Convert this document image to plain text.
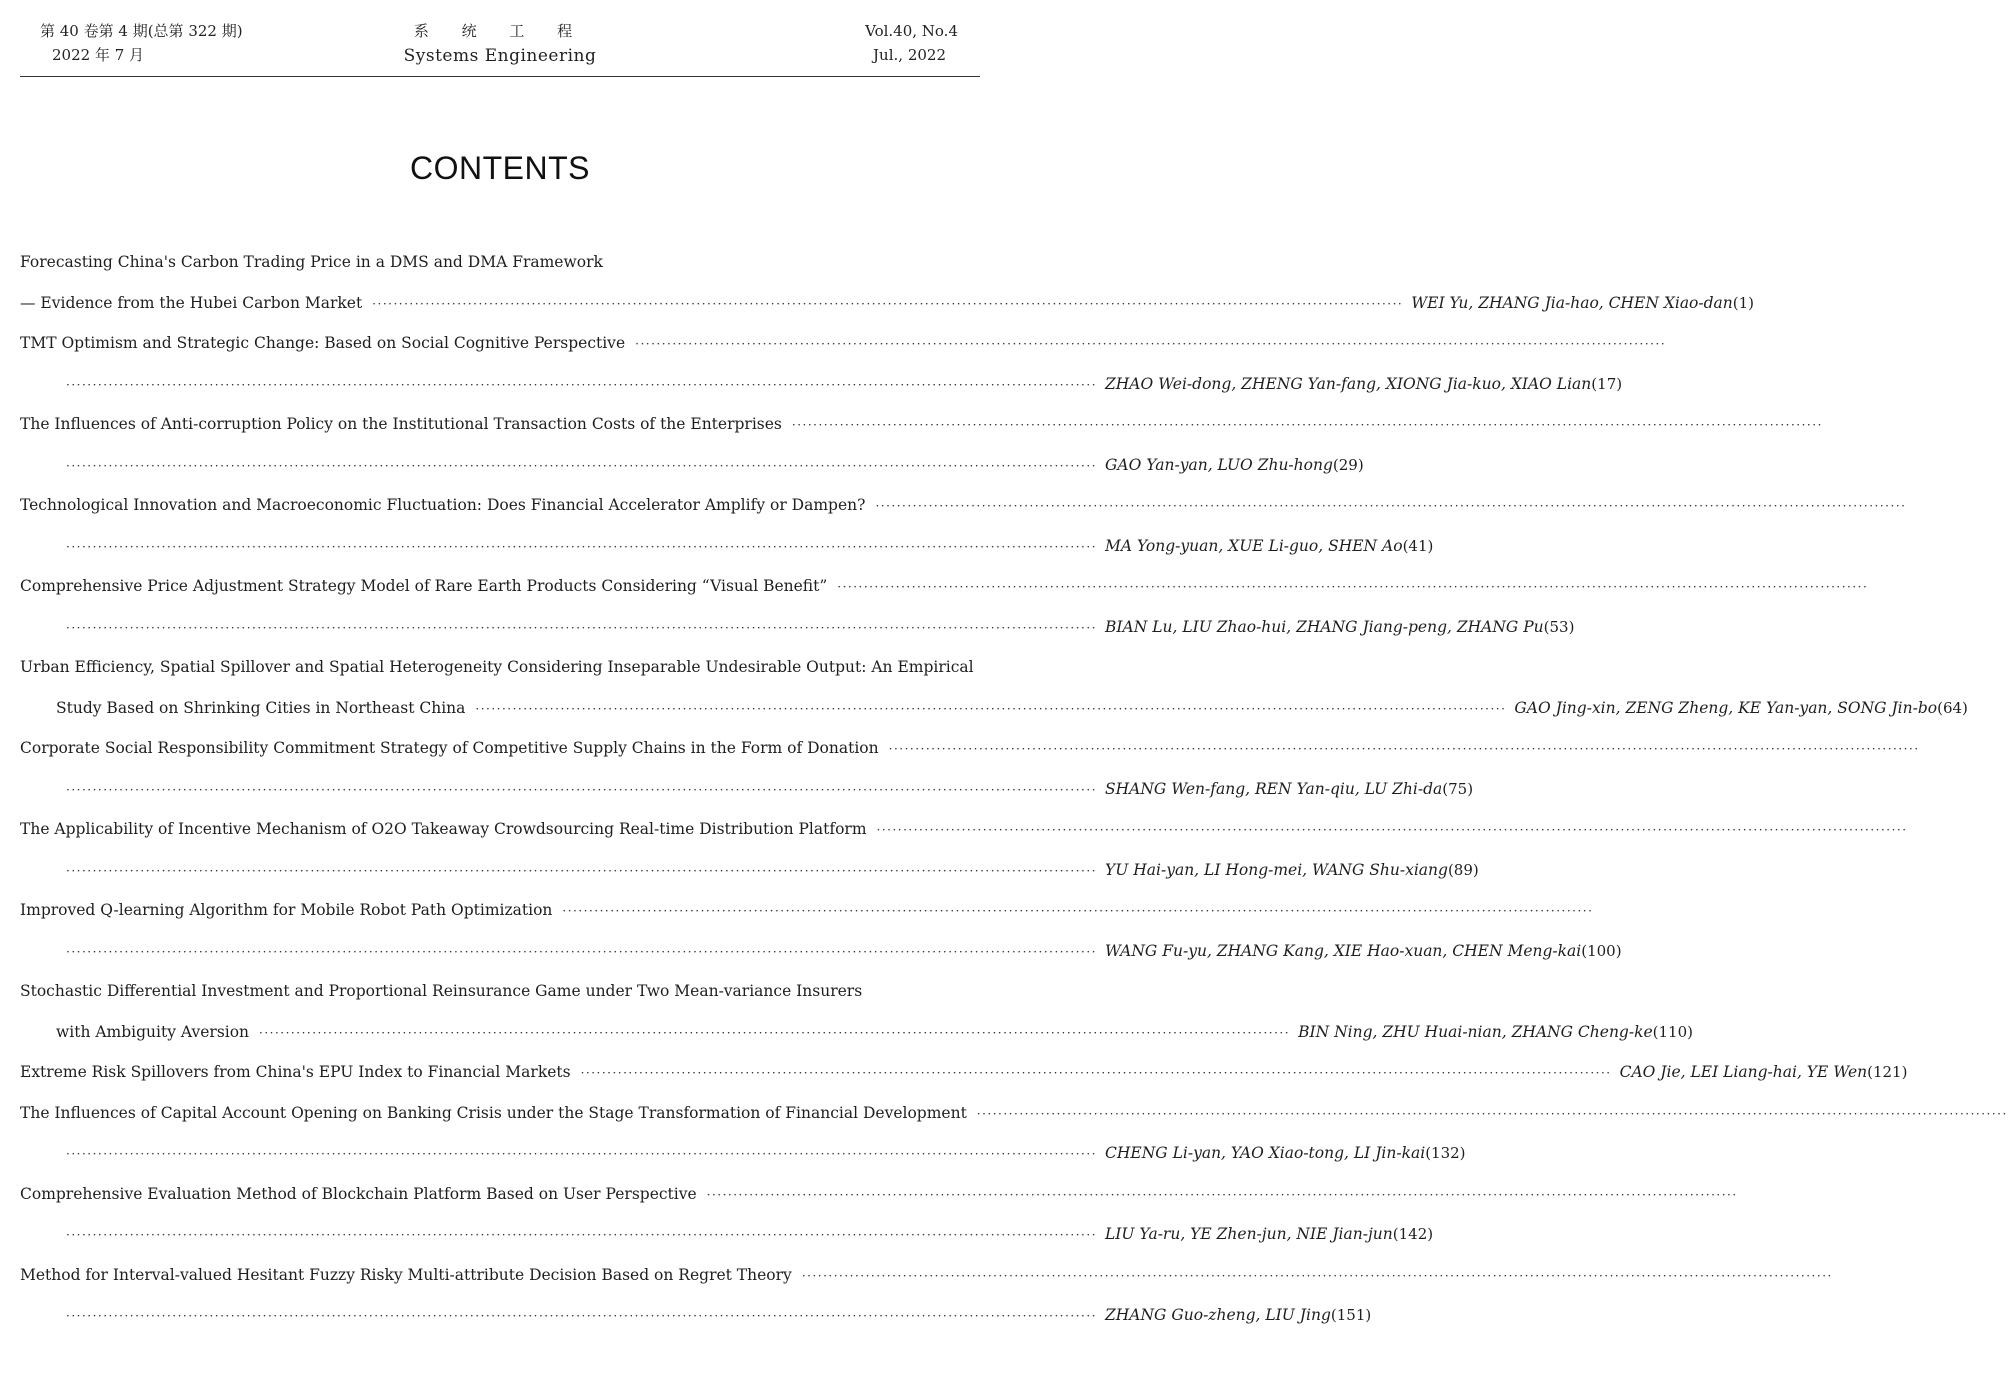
第 40 卷第 4 期(总第 322 期)
2022 年 7 月
系 统 工 程
Systems Engineering
Vol.40, No.4
Jul., 2022
CONTENTS
Forecasting China's Carbon Trading Price in a DMS and DMA Framework
— Evidence from the Hubei Carbon Market ·····	WEI Yu, ZHANG Jia-hao, CHEN Xiao-dan (1)
TMT Optimism and Strategic Change: Based on Social Cognitive Perspective
·····
·····
ZHAO Wei-dong, ZHENG Yan-fang, XIONG Jia-kuo, XIAO Lian (17)
The Influences of Anti-corruption Policy on the Institutional Transaction Costs of the Enterprises
·····
·····
GAO Yan-yan, LUO Zhu-hong (29)
Technological Innovation and Macroeconomic Fluctuation: Does Financial Accelerator Amplify or Dampen?
·····
·····
MA Yong-yuan, XUE Li-guo, SHEN Ao (41)
Comprehensive Price Adjustment Strategy Model of Rare Earth Products Considering “Visual Benefit”
·····
·····
BIAN Lu, LIU Zhao-hui, ZHANG Jiang-peng, ZHANG Pu (53)
Urban Efficiency, Spatial Spillover and Spatial Heterogeneity Considering Inseparable Undesirable Output: An Empirical
Study Based on Shrinking Cities in Northeast China ·····	GAO Jing-xin, ZENG Zheng, KE Yan-yan, SONG Jin-bo (64)
Corporate Social Responsibility Commitment Strategy of Competitive Supply Chains in the Form of Donation
·····
·····
SHANG Wen-fang, REN Yan-qiu, LU Zhi-da (75)
The Applicability of Incentive Mechanism of O2O Takeaway Crowdsourcing Real-time Distribution Platform
·····
·····
YU Hai-yan, LI Hong-mei, WANG Shu-xiang (89)
Improved Q-learning Algorithm for Mobile Robot Path Optimization
·····
·····
WANG Fu-yu, ZHANG Kang, XIE Hao-xuan, CHEN Meng-kai (100)
Stochastic Differential Investment and Proportional Reinsurance Game under Two Mean-variance Insurers
with Ambiguity Aversion ·····	BIN Ning, ZHU Huai-nian, ZHANG Cheng-ke (110)
Extreme Risk Spillovers from China's EPU Index to Financial Markets ·····	CAO Jie, LEI Liang-hai, YE Wen (121)
The Influences of Capital Account Opening on Banking Crisis under the Stage Transformation of Financial Development
·····
·····
CHENG Li-yan, YAO Xiao-tong, LI Jin-kai (132)
Comprehensive Evaluation Method of Blockchain Platform Based on User Perspective
·····
·····
LIU Ya-ru, YE Zhen-jun, NIE Jian-jun (142)
Method for Interval-valued Hesitant Fuzzy Risky Multi-attribute Decision Based on Regret Theory
·····
·····
ZHANG Guo-zheng, LIU Jing (151)
